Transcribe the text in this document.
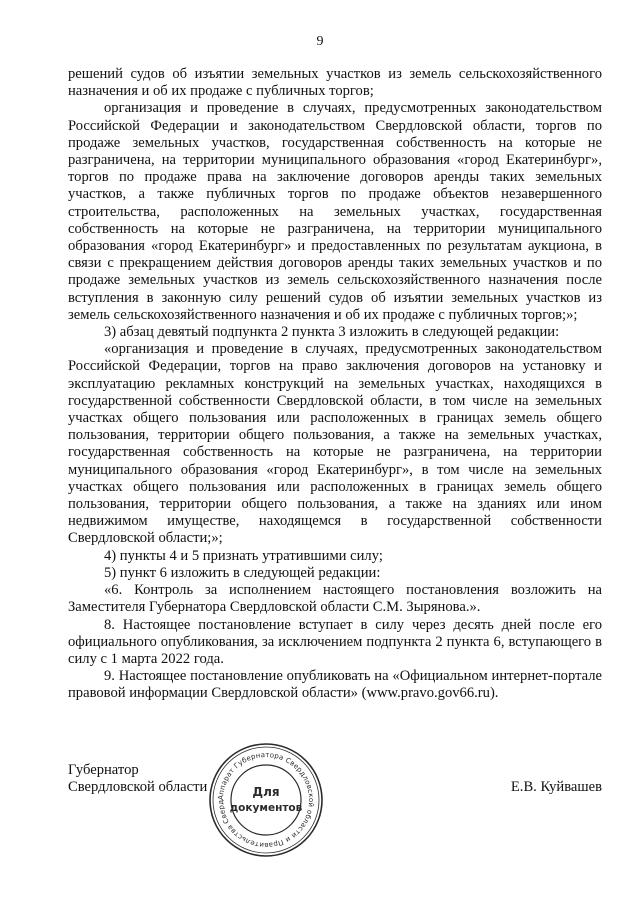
9

решений судов об изъятии земельных участков из земель сельскохозяйственного назначения и об их продаже с публичных торгов;

организация и проведение в случаях, предусмотренных законодательством Российской Федерации и законодательством Свердловской области, торгов по продаже земельных участков, государственная собственность на которые не разграничена, на территории муниципального образования «город Екатеринбург», торгов по продаже права на заключение договоров аренды таких земельных участков, а также публичных торгов по продаже объектов незавершенного строительства, расположенных на земельных участках, государственная собственность на которые не разграничена, на территории муниципального образования «город Екатеринбург» и предоставленных по результатам аукциона, в связи с прекращением действия договоров аренды таких земельных участков и по продаже земельных участков из земель сельскохозяйственного назначения после вступления в законную силу решений судов об изъятии земельных участков из земель сельскохозяйственного назначения и об их продаже с публичных торгов;»;

3) абзац девятый подпункта 2 пункта 3 изложить в следующей редакции:

«организация и проведение в случаях, предусмотренных законодательством Российской Федерации, торгов на право заключения договоров на установку и эксплуатацию рекламных конструкций на земельных участках, находящихся в государственной собственности Свердловской области, в том числе на земельных участках общего пользования или расположенных в границах земель общего пользования, территории общего пользования, а также на земельных участках, государственная собственность на которые не разграничена, на территории муниципального образования «город Екатеринбург», в том числе на земельных участках общего пользования или расположенных в границах земель общего пользования, территории общего пользования, а также на зданиях или ином недвижимом имуществе, находящемся в государственной собственности Свердловской области;»;

4) пункты 4 и 5 признать утратившими силу;

5) пункт 6 изложить в следующей редакции:

«6. Контроль за исполнением настоящего постановления возложить на Заместителя Губернатора Свердловской области С.М. Зырянова.».

8. Настоящее постановление вступает в силу через десять дней после его официального опубликования, за исключением подпункта 2 пункта 6, вступающего в силу с 1 марта 2022 года.

9. Настоящее постановление опубликовать на «Официальном интернет-портале правовой информации Свердловской области» (www.pravo.gov66.ru).

Губернатор
Свердловской области
Аппарат Губернатора Свердловской области и Правительства Сверд
Для
документов
Е.В. Куйвашев
